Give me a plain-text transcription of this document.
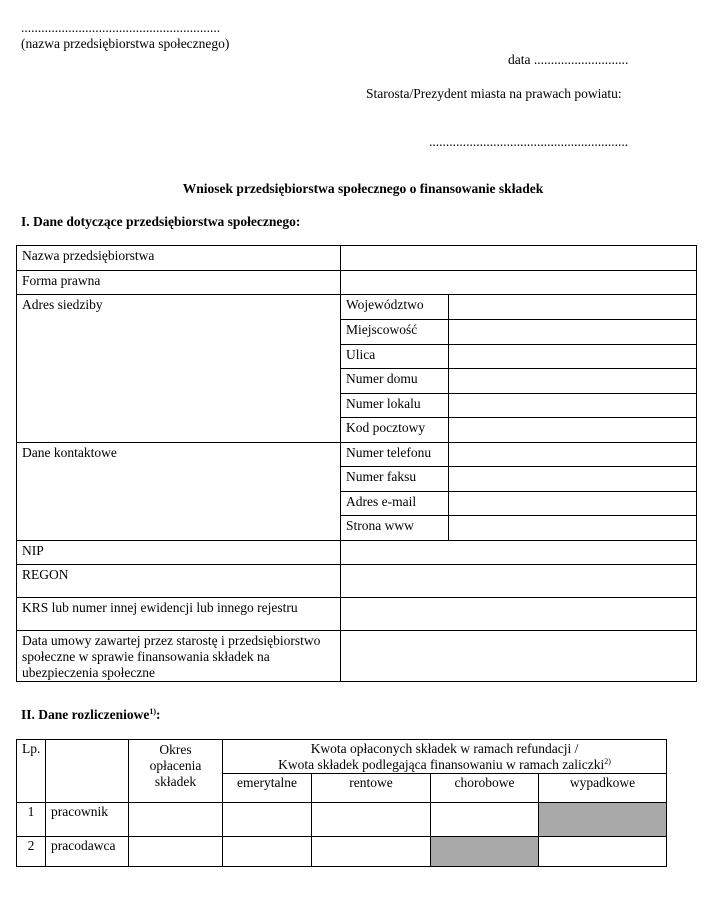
...........................................................
(nazwa przedsiębiorstwa społecznego)
data ............................
Starosta/Prezydent miasta na prawach powiatu:
...........................................................
Wniosek przedsiębiorstwa społecznego o finansowanie składek
I. Dane dotyczące przedsiębiorstwa społecznego:
Nazwa przedsiębiorstwa		
Forma prawna		
Adres siedziby	Województwo	
	Miejscowość	
	Ulica	
	Numer domu	
	Numer lokalu	
	Kod pocztowy	
Dane kontaktowe	Numer telefonu	
	Numer faksu	
	Adres e-mail	
	Strona www	
NIP		
REGON		
KRS lub numer innej ewidencji lub innego rejestru		
Data umowy zawartej przez starostę i przedsiębiorstwo społeczne w sprawie finansowania składek na ubezpieczenia społeczne		
II. Dane rozliczeniowe$^{1)}$:
Lp.		Okres opłacenia składek	Kwota opłaconych składek w ramach refundacji /
Kwota składek podlegająca finansowaniu w ramach zaliczki$^{2)}$

			emerytalne	rentowe	chorobowe	wypadkowe
1	pracownik					
2	pracodawca					
